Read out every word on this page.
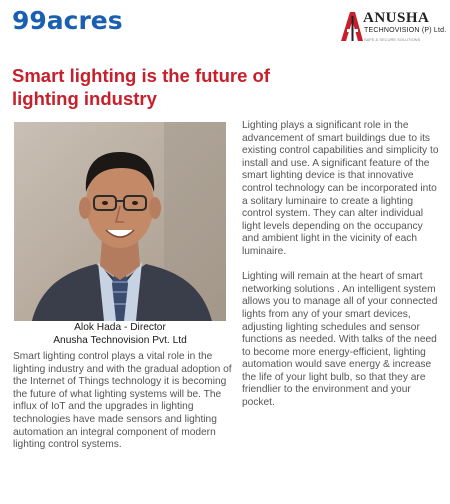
99acres	ANUSHA
TECHNOVISION (P) Ltd.
SAFE & SECURE SOLUTIONS
Smart lighting is the future of
lighting industry
Alok Hada - Director
Anusha Technovision Pvt. Ltd

Smart lighting control plays a vital role in the lighting industry and with the gradual adoption of the Internet of Things technology it is becoming the future of what lighting systems will be. The influx of IoT and the upgrades in lighting technologies have made sensors and lighting automation an integral component of modern lighting control systems.

Lighting plays a significant role in the advancement of smart buildings due to its existing control capabilities and simplicity to install and use. A significant feature of the smart lighting device is that innovative control technology can be incorporated into a solitary luminaire to create a lighting control system. They can alter individual light levels depending on the occupancy and ambient light in the vicinity of each luminaire.

Lighting will remain at the heart of smart networking solutions . An intelligent system allows you to manage all of your connected lights from any of your smart devices, adjusting lighting schedules and sensor functions as needed. With talks of the need to become more energy-efficient, lighting automation would save energy & increase the life of your light bulb, so that they are friendlier to the environment and your pocket.
